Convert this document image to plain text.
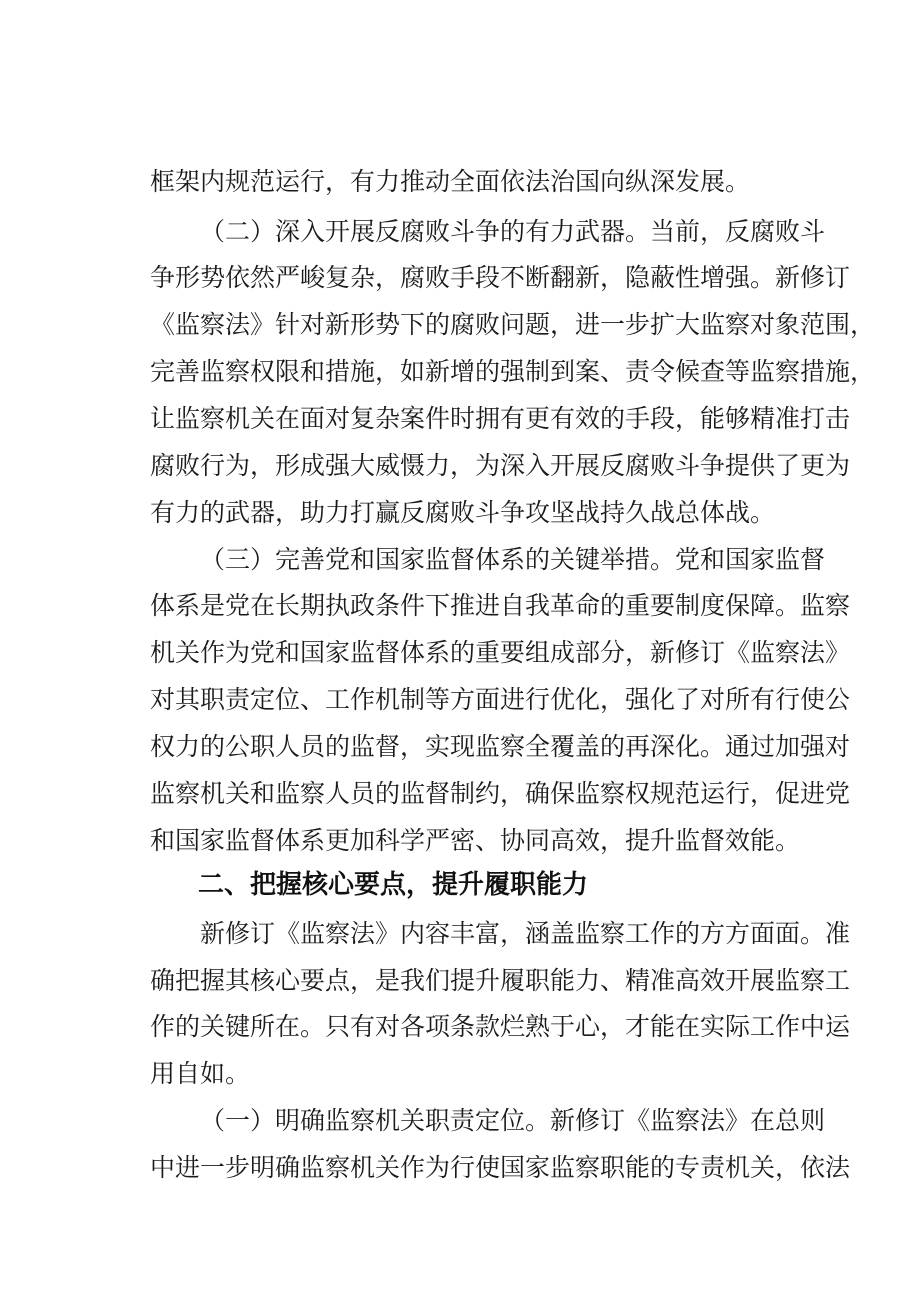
框架内规范运行，有力推动全面依法治国向纵深发展。
（二）深入开展反腐败斗争的有力武器。当前，反腐败斗
争形势依然严峻复杂，腐败手段不断翻新，隐蔽性增强。新修订
《监察法》针对新形势下的腐败问题，进一步扩大监察对象范围，
完善监察权限和措施，如新增的强制到案、责令候查等监察措施，
让监察机关在面对复杂案件时拥有更有效的手段，能够精准打击
腐败行为，形成强大威慑力，为深入开展反腐败斗争提供了更为
有力的武器，助力打赢反腐败斗争攻坚战持久战总体战。
（三）完善党和国家监督体系的关键举措。党和国家监督
体系是党在长期执政条件下推进自我革命的重要制度保障。监察
机关作为党和国家监督体系的重要组成部分，新修订《监察法》
对其职责定位、工作机制等方面进行优化，强化了对所有行使公
权力的公职人员的监督，实现监察全覆盖的再深化。通过加强对
监察机关和监察人员的监督制约，确保监察权规范运行，促进党
和国家监督体系更加科学严密、协同高效，提升监督效能。
二、把握核心要点，提升履职能力
新修订《监察法》内容丰富，涵盖监察工作的方方面面。准
确把握其核心要点，是我们提升履职能力、精准高效开展监察工
作的关键所在。只有对各项条款烂熟于心，才能在实际工作中运
用自如。
（一）明确监察机关职责定位。新修订《监察法》在总则
中进一步明确监察机关作为行使国家监察职能的专责机关，依法
